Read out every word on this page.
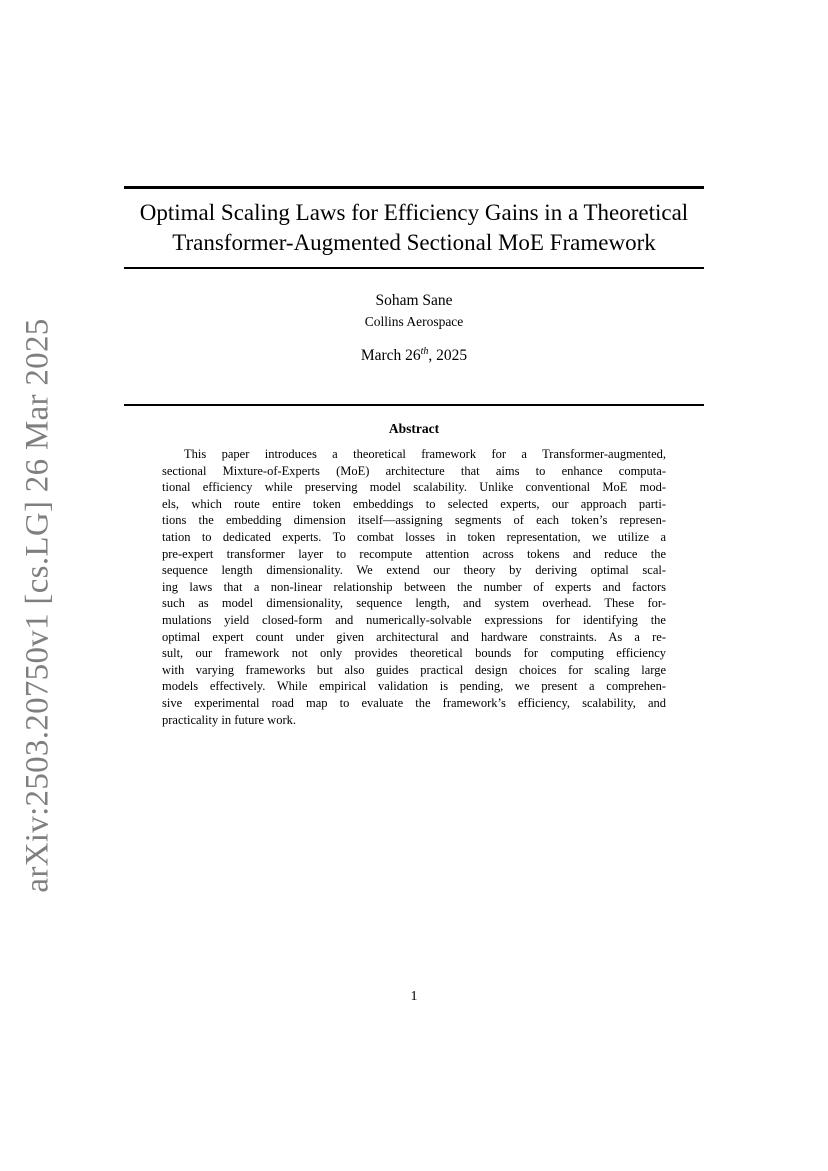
arXiv:2503.20750v1 [cs.LG] 26 Mar 2025
Optimal Scaling Laws for Efficiency Gains in a Theoretical
Transformer-Augmented Sectional MoE Framework
Soham Sane
Collins Aerospace
March 26th, 2025
Abstract
This paper introduces a theoretical framework for a Transformer-augmented,
sectional Mixture-of-Experts (MoE) architecture that aims to enhance computa-
tional efficiency while preserving model scalability. Unlike conventional MoE mod-
els, which route entire token embeddings to selected experts, our approach parti-
tions the embedding dimension itself—assigning segments of each token’s represen-
tation to dedicated experts. To combat losses in token representation, we utilize a
pre-expert transformer layer to recompute attention across tokens and reduce the
sequence length dimensionality. We extend our theory by deriving optimal scal-
ing laws that a non-linear relationship between the number of experts and factors
such as model dimensionality, sequence length, and system overhead. These for-
mulations yield closed-form and numerically-solvable expressions for identifying the
optimal expert count under given architectural and hardware constraints. As a re-
sult, our framework not only provides theoretical bounds for computing efficiency
with varying frameworks but also guides practical design choices for scaling large
models effectively. While empirical validation is pending, we present a comprehen-
sive experimental road map to evaluate the framework’s efficiency, scalability, and
practicality in future work.
1
